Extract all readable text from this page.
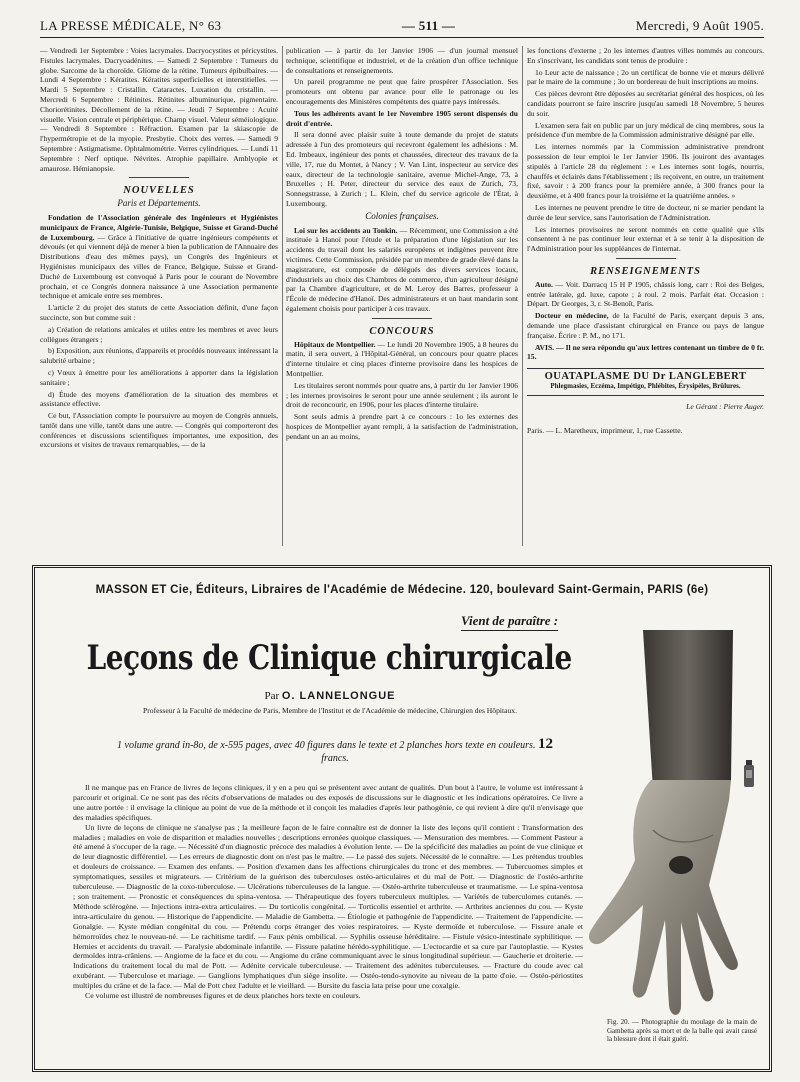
LA PRESSE MÉDICALE, N° 63	— 511 —	Mercredi, 9 Août 1905.

— Vendredi 1er Septembre : Voies lacrymales. Dacryocystites et péricystites. Fistules lacrymales. Dacryoadénites. — Samedi 2 Septembre : Tumeurs du globe. Sarcome de la choroïde. Gliome de la rétine. Tumeurs épibulbaires. — Lundi 4 Septembre : Kératites. Kératites superficielles et interstitielles. — Mardi 5 Septembre : Cristallin. Cataractes. Luxation du cristallin. — Mercredi 6 Septembre : Rétinites. Rétinites albuminurique, pigmentaire. Choriorétinites. Décollement de la rétine. — Jeudi 7 Septembre : Acuité visuelle. Vision centrale et périphérique. Champ visuel. Valeur séméiologique. — Vendredi 8 Septembre : Réfraction. Examen par la skiascopie de l'hypermétropie et de la myopie. Presbytie. Choix des verres. — Samedi 9 Septembre : Astigmatisme. Ophtalmométrie. Verres cylindriques. — Lundi 11 Septembre : Nerf optique. Névrites. Atrophie papillaire. Amblyopie et amaurose. Hémianopsie.

NOUVELLES
Paris et Départements.

Fondation de l'Association générale des Ingénieurs et Hygiénistes municipaux de France, Algérie-Tunisie, Belgique, Suisse et Grand-Duché de Luxembourg. — Grâce à l'initiative de quatre ingénieurs compétents et dévoués (et qui viennent déjà de mener à bien la publication de l'Annuaire des Distributions d'eau des mêmes pays), un Congrès des Ingénieurs et Hygiénistes municipaux des villes de France, Belgique, Suisse et Grand-Duché de Luxembourg est convoqué à Paris pour le courant de Novembre prochain, et ce Congrès donnera naissance à une Association permanente technique et amicale entre ses membres.

L'article 2 du projet des statuts de cette Association définit, d'une façon succincte, son but comme suit :

a) Création de relations amicales et utiles entre les membres et avec leurs collègues étrangers ;

b) Exposition, aux réunions, d'appareils et procédés nouveaux intéressant la salubrité urbaine ;

c) Vœux à émettre pour les améliorations à apporter dans la législation sanitaire ;

d) Étude des moyens d'amélioration de la situation des membres et assistance effective.

Ce but, l'Association compte le poursuivre au moyen de Congrès annuels, tantôt dans une ville, tantôt dans une autre. — Congrès qui comporteront des conférences et discussions scientifiques importantes, une exposition, des excursions et visites de travaux remarquables, — de la

publication — à partir du 1er Janvier 1906 — d'un journal mensuel technique, scientifique et industriel, et de la création d'un office technique de consultations et renseignements.

Un pareil programme ne peut que faire prospérer l'Association. Ses promoteurs ont obtenu par avance pour elle le patronage ou les encouragements des Ministères compétents des quatre pays intéressés.

Tous les adhérents avant le 1er Novembre 1905 seront dispensés du droit d'entrée.

Il sera donné avec plaisir suite à toute demande du projet de statuts adressée à l'un des promoteurs qui recevront également les adhésions : M. Ed. Imbeaux, ingénieur des ponts et chaussées, directeur des travaux de la ville, 17, rue du Montet, à Nancy ; V. Van Lint, inspecteur au service des eaux, directeur de la technologie sanitaire, avenue Michel-Ange, 73, à Bruxelles ; H. Peter, directeur du service des eaux de Zurich, 73, Sonnegstrasse, à Zurich ; L. Klein, chef du service agricole de l'État, à Luxembourg.

Colonies françaises.

Loi sur les accidents au Tonkin. — Récemment, une Commission a été instituée à Hanoï pour l'étude et la préparation d'une législation sur les accidents du travail dont les salariés européens et indigènes peuvent être victimes. Cette Commission, présidée par un membre de grade élevé dans la magistrature, est composée de délégués des divers services locaux, d'industriels au choix des Chambres de commerce, d'un agriculteur désigné par la Chambre d'agriculture, et de M. Leroy des Barres, professeur à l'École de médecine d'Hanoï. Des administrateurs et un haut mandarin sont également choisis pour participer à ces travaux.

CONCOURS

Hôpitaux de Montpellier. — Le lundi 20 Novembre 1905, à 8 heures du matin, il sera ouvert, à l'Hôpital-Général, un concours pour quatre places d'interne titulaire et cinq places d'interne provisoire dans les hospices de Montpellier.

Les titulaires seront nommés pour quatre ans, à partir du 1er Janvier 1906 ; les internes provisoires le seront pour une année seulement ; ils auront le droit de reconcourir, en 1906, pour les places d'interne titulaire.

Sont seuls admis à prendre part à ce concours : 1o les externes des hospices de Montpellier ayant rempli, à la satisfaction de l'administration, pendant un an au moins,

les fonctions d'externe ; 2o les internes d'autres villes nommés au concours. En s'inscrivant, les candidats sont tenus de produire :

1o Leur acte de naissance ; 2o un certificat de bonne vie et mœurs délivré par le maire de la commune ; 3o un bordereau de huit inscriptions au moins.

Ces pièces devront être déposées au secrétariat général des hospices, où les candidats pourront se faire inscrire jusqu'au samedi 18 Novembre, 5 heures du soir.

L'examen sera fait en public par un jury médical de cinq membres, sous la présidence d'un membre de la Commission administrative désigné par elle.

Les internes nommés par la Commission administrative prendront possession de leur emploi le 1er Janvier 1906. Ils jouiront des avantages stipulés à l'article 28 du règlement : « Les internes sont logés, nourris, chauffés et éclairés dans l'établissement ; ils reçoivent, en outre, un traitement fixé, savoir : à 200 francs pour la première année, à 300 francs pour la deuxième, et à 400 francs pour la troisième et la quatrième années. »

Les internes ne peuvent prendre le titre de docteur, ni se marier pendant la durée de leur service, sans l'autorisation de l'Administration.

Les internes provisoires ne seront nommés en cette qualité que s'ils consentent à ne pas continuer leur externat et à se tenir à la disposition de l'Administration pour les suppléances de l'internat.

RENSEIGNEMENTS

Auto. — Voit. Darracq 15 H P 1905, châssis long, carr : Roi des Belges, entrée latérale, gd. luxe, capote ; à roul. 2 mois. Parfait état. Occasion : Départ. Dr Georges, 3, r. St-Benoît, Paris.

Docteur en médecine, de la Faculté de Paris, exerçant depuis 3 ans, demande une place d'assistant chirurgical en France ou pays de langue française. Écrire : P. M., no 171.

AVIS. — Il ne sera répondu qu'aux lettres contenant un timbre de 0 fr. 15.

OUATAPLASME DU Dr LANGLEBERT
Phlegmasies, Eczéma, Impétigo, Phlébites, Érysipèles, Brûlures.
Le Gérant : Pierre Auger.

Paris. — L. Maretheux, imprimeur, 1, rue Cassette.

MASSON ET Cie, Éditeurs, Libraires de l'Académie de Médecine. 120, boulevard Saint-Germain, PARIS (6e)
Vient de paraître :
Leçons de Clinique chirurgicale
Par O. LANNELONGUE
Professeur à la Faculté de médecine de Paris, Membre de l'Institut et de l'Académie de médecine, Chirurgien des Hôpitaux.
1 volume grand in-8o, de x-595 pages, avec 40 figures dans le texte et 2 planches hors texte en couleurs. 12 francs.

Il ne manque pas en France de livres de leçons cliniques, il y en a peu qui se présentent avec autant de qualités. D'un bout à l'autre, le volume est intéressant à parcourir et original. Ce ne sont pas des récits d'observations de malades ou des exposés de discussions sur le diagnostic et les indications opératoires. Ce livre a une autre portée : il envisage la clinique au point de vue de la méthode et il conçoit les maladies d'après leur pathogénie, ce qui revient à dire qu'il n'envisage que des maladies spécifiques.

Un livre de leçons de clinique ne s'analyse pas ; la meilleure façon de le faire connaître est de donner la liste des leçons qu'il contient : Transformation des maladies ; maladies en voie de disparition et maladies nouvelles ; descriptions erronées quoique classiques. — Mensuration des membres. — Comment Pasteur a été amené à s'occuper de la rage. — Nécessité d'un diagnostic précoce des maladies à évolution lente. — De la spécificité des maladies au point de vue clinique et de leur diagnostic différentiel. — Les erreurs de diagnostic dont on n'est pas le maître. — Le passé des sujets. Nécessité de le connaître. — Les prétendus troubles et douleurs de croissance. — Examen des enfants. — Position d'examen dans les affections chirurgicales du tronc et des membres. — Tubercuomes simples et symptomatiques, sessiles et migrateurs. — Critérium de la guérison des tuberculoses ostéo-articulaires et du mal de Pott. — Diagnostic de l'ostéo-arthrite tuberculeuse. — Diagnostic de la coxo-tuberculose. — Ulcérations tuberculeuses de la langue. — Ostéo-arthrite tuberculeuse et traumatisme. — Le spina-ventosa ; son traitement. — Pronostic et conséquences du spina-ventosa. — Thérapeutique des foyers tuberculeux multiples. — Variétés de tuberculomes cutanés. — Méthode sclérogène. — Injections intra-extra articulaires. — Du torticolis congénital. — Torticolis essentiel et arthrite. — Arthrites anciennes du cou. — Kyste intra-articulaire du genou. — Historique de l'appendicite. — Maladie de Gambetta. — Étiologie et pathogénie de l'appendicite. — Traitement de l'appendicite. — Gonalgie. — Kyste médian congénital du cou. — Prétendu corps étranger des voies respiratoires. — Kyste dermoïde et tuberculose. — Fissure anale et hémorroïdes chez le nouveau-né. — Le rachitisme tardif. — Faux pénis ombilical. — Syphilis osseuse héréditaire. — Fistule vésico-intestinale syphilitique. — Hernies et accidents du travail. — Paralysie abdominale infantile. — Fissure palatine hérédo-syphilitique. — L'ectocardie et sa cure par l'autoplastie. — Kystes dermoïdes intra-crâniens. — Angiome de la face et du cou. — Angiome du crâne communiquant avec le sinus longitudinal supérieur. — Gaucherie et droiterie. — Indications du traitement local du mal de Pott. — Adénite cervicale tuberculeuse. — Traitement des adénites tuberculeuses. — Fracture du coude avec cal exubérant. — Tuberculose et mariage. — Ganglions lymphatiques d'un siège insolite. — Ostéo-tendo-synovite au niveau de la patte d'oie. — Ostéo-périostites multiples du crâne et de la face. — Mal de Pott chez l'adulte et le vieillard. — Bursite du fascia lata prise pour une coxalgie.

Ce volume est illustré de nombreuses figures et de deux planches hors texte en couleurs.

Fig. 20. — Photographie du moulage de la main de Gambetta après sa mort et de la balle qui avait causé la blessure dont il était guéri.
